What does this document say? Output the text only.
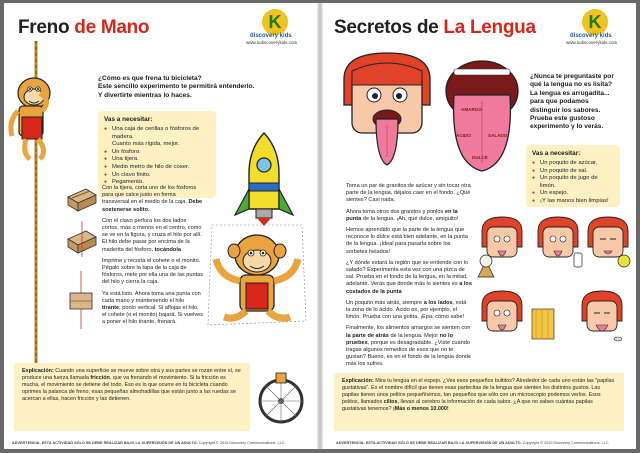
Freno de Mano	K
discovery kids
www.tudiscoverykids.com
¿Cómo es que frena tu bicicleta?
Este sencillo experimento te permitirá entenderlo.
Y divertirte mientras lo haces.
Vas a necesitar:
● Una caja de cerillas o fósforos de madera.
Cuanto más rígida, mejor.
● Un fósforo.
● Una tijera.
● Medio metro de hilo de coser.
● Un clavo finito.
● Pegamento.

Con la tijera, corta uno de los fósforos para que calce justo en forma transversal en el medio de la caja. Debe sostenerse solito.

Con el clavo perfora los dos lados cortos, más o menos en el centro, como se ve en la figura, y cruza el hilo por allí. El hilo debe pasar por encima de la maderita del fósforo, tocándola

Imprime y recorta el cohete o el monito. Pégalo sobre la tapa de la caja de fósforos, mete por ella una de las puntas del hilo y cierra la caja.

Ya está listo. Ahora toma una punta con cada mano y manteniendo el hilo tirante, ponlo vertical. Si aflojas el hilo, el cohete (o el monito) bajará. Si vuelves a poner el hilo tirante, frenará.

Explicación: Cuando una superficie se mueve sobre otra y sus partes se rozan entre sí, se produce una fuerza llamada fricción, que va frenando el movimiento. Si la fricción es mucha, el movimiento se detiene del todo. Eso es lo que ocurre en tu bicicleta cuando oprimes la palanca de freno; esas pequeñas almohadillas que están junto a las ruedas se acercan a ellas, hacen fricción y las detienen.
ADVERTENCIA: ESTA ACTIVIDAD SÓLO SE DEBE REALIZAR BAJO LA SUPERVISIÓN DE UN ADULTO. Copyright © 2010 Discovery Communications, LLC.
Secretos de La Lengua	K
discovery kids
www.tudiscoverykids.com
AMARGO
ÁCIDO	SALADO
DULCE
¿Nunca te preguntaste por
qué la lengua no es lisita?
La lengua es arrugadita...
para que podamos
distinguir los sabores.
Prueba este gustoso
experimento y lo verás.
Vas a necesitar:
● Un poquito de azúcar.
● Un poquito de sal.
● Un poquito de jugo de limón.
● Un espejo.
● ¡Y las manos bien limpias!

Toma un par de granitos de azúcar y sin tocar otra parte de la lengua, déjalos caer en el fondo. ¿Qué sientes? Casi nada.

Ahora toma otros dos granitos y ponlos en la punta de la lengua. ¡Ah, qué dulce, amiguito!

Hemos aprendido que la parte de la lengua que reconoce lo dulce está bien adelante, en la punta de la lengua. ¡Ideal para pasarla sobre los sorbetes helados!

¿Y dónde estará la región que se entiende con lo salado? Experimenta esta vez con una pizca de sal. Prueba en el fondo de la lengua, en la mitad, adelante. Verás que donde más lo sientes es a los costados de la punta

Un poquito más atrás, siempre a los lados, está la zona de lo ácido. Ácido es, por ejemplo, el limón. Prueba con una gotita. ¡Epa, cómo sabe!

Finalmente, los alimentos amargos se sienten con la parte de atrás de la lengua. Mejor no lo pruebes, porque es desagradable. ¿Viste cuando tragas algunos remedios de esos que no te gustan? Bueno, es en el fondo de la lengua donde más los sufres.

Explicación: Mira tu lengua en el espejo. ¿Ves esos pequeños bultitos? Alrededor de cada uno están las "papilas gustativas". Es el nombre difícil que tienen esas partecitas de la lengua que sienten los distintos gustos. Las papilas tienen unos pelitos pequeñísimos, tan pequeños que sólo con un microscopio podemos verlos. Esos pelitos, llamados cilios, llevan al cerebro la información de cada sabor. ¿A que no sabes cuántas papilas gustativas tenemos? ¡Más o menos 10.000!
ADVERTENCIA: ESTA ACTIVIDAD SÓLO SE DEBE REALIZAR BAJO LA SUPERVISIÓN DE UN ADULTO. Copyright © 2010 Discovery Communications, LLC.
